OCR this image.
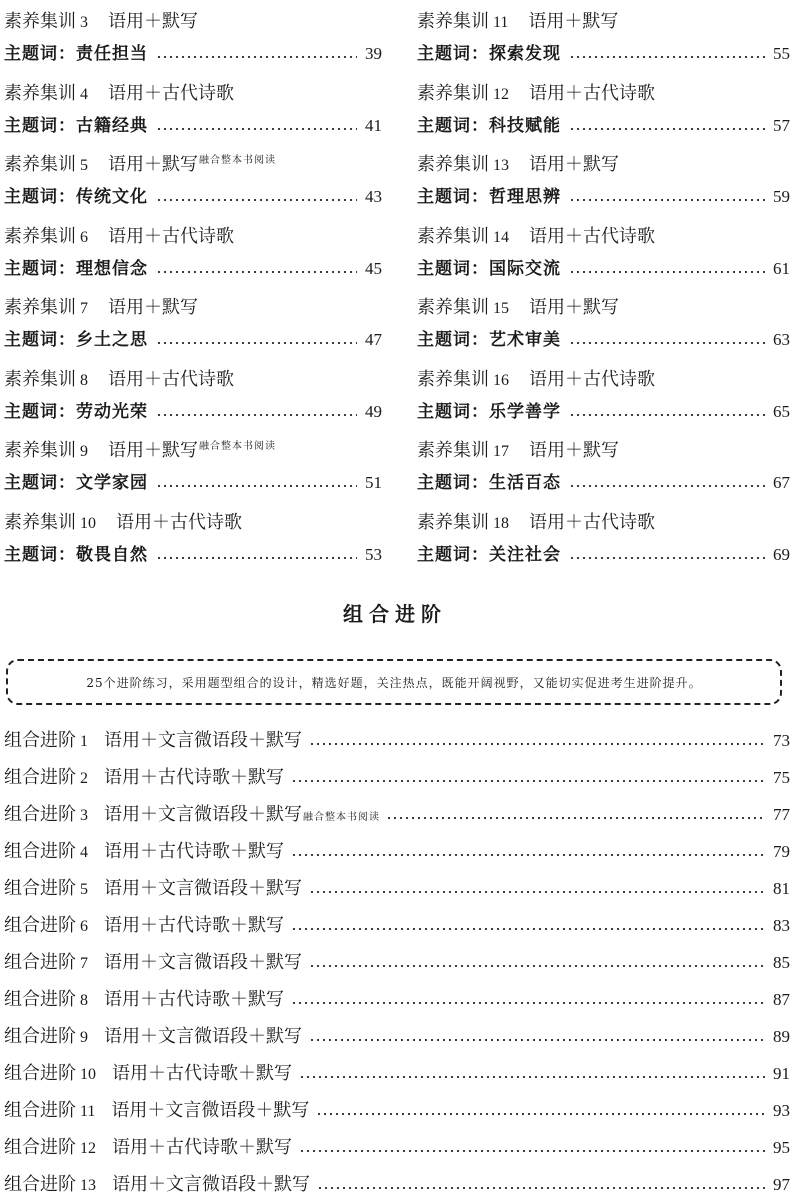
素养集训 3 语用＋默写
主题词：责任担当	39
素养集训 4 语用＋古代诗歌
主题词：古籍经典	41
素养集训 5 语用＋默写$^{融合整本书阅读}$
主题词：传统文化	43
素养集训 6 语用＋古代诗歌
主题词：理想信念	45
素养集训 7 语用＋默写
主题词：乡土之思	47
素养集训 8 语用＋古代诗歌
主题词：劳动光荣	49
素养集训 9 语用＋默写$^{融合整本书阅读}$
主题词：文学家园	51
素养集训 10 语用＋古代诗歌
主题词：敬畏自然	53
素养集训 11 语用＋默写
主题词：探索发现	55
素养集训 12 语用＋古代诗歌
主题词：科技赋能	57
素养集训 13 语用＋默写
主题词：哲理思辨	59
素养集训 14 语用＋古代诗歌
主题词：国际交流	61
素养集训 15 语用＋默写
主题词：艺术审美	63
素养集训 16 语用＋古代诗歌
主题词：乐学善学	65
素养集训 17 语用＋默写
主题词：生活百态	67
素养集训 18 语用＋古代诗歌
主题词：关注社会	69
组合进阶
25个进阶练习，采用题型组合的设计，精选好题，关注热点，既能开阔视野，又能切实促进考生进阶提升。
组合进阶 1 语用＋文言微语段＋默写	73
组合进阶 2 语用＋古代诗歌＋默写	75
组合进阶 3 语用＋文言微语段＋默写 融合整本书阅读	77
组合进阶 4 语用＋古代诗歌＋默写	79
组合进阶 5 语用＋文言微语段＋默写	81
组合进阶 6 语用＋古代诗歌＋默写	83
组合进阶 7 语用＋文言微语段＋默写	85
组合进阶 8 语用＋古代诗歌＋默写	87
组合进阶 9 语用＋文言微语段＋默写	89
组合进阶 10 语用＋古代诗歌＋默写	91
组合进阶 11 语用＋文言微语段＋默写	93
组合进阶 12 语用＋古代诗歌＋默写	95
组合进阶 13 语用＋文言微语段＋默写	97
